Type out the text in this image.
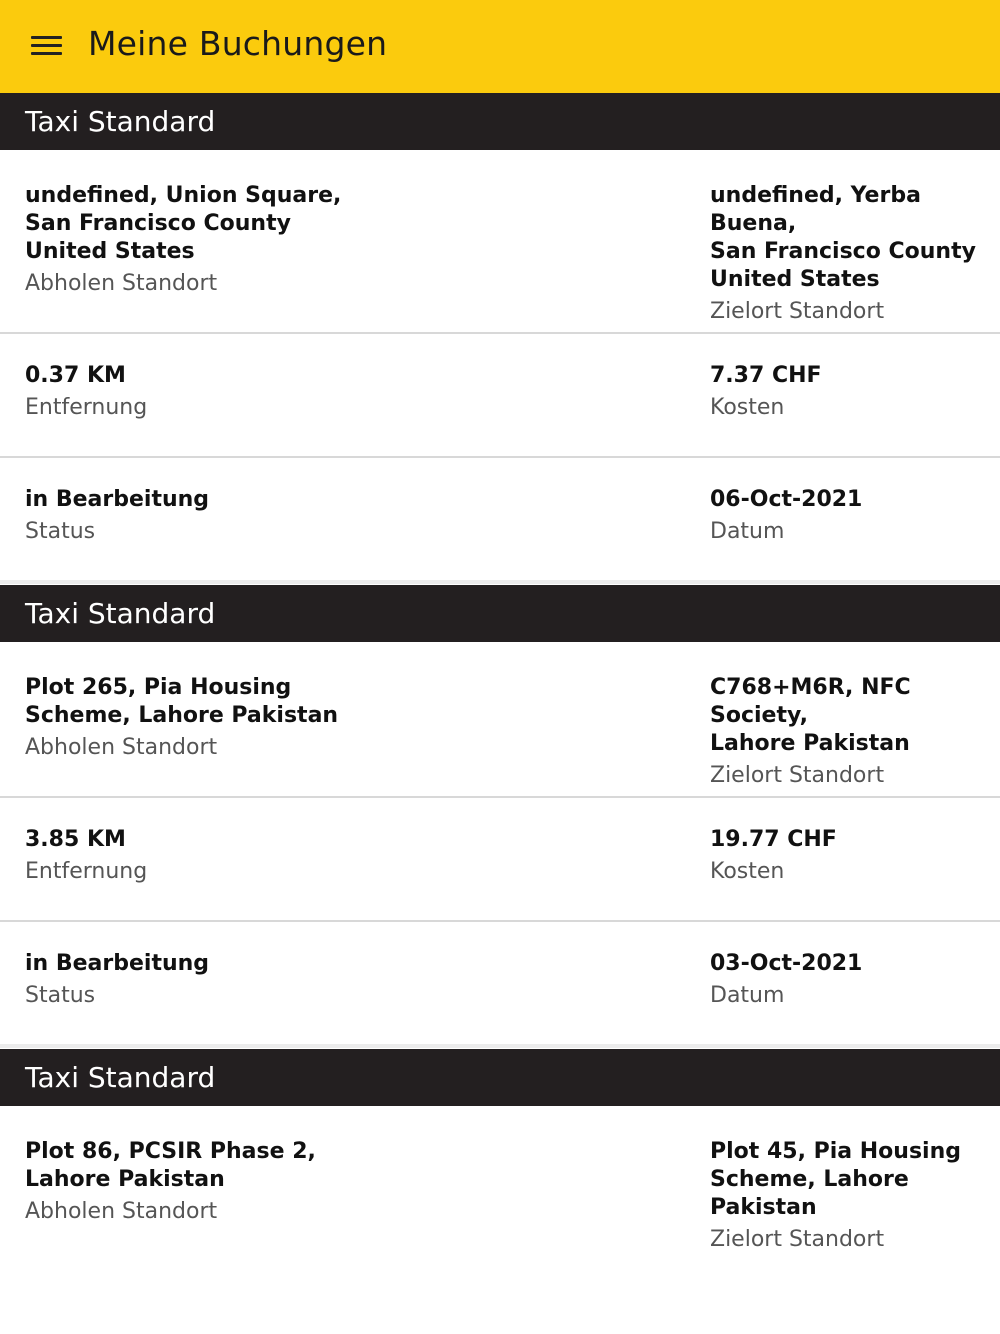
Meine Buchungen
Taxi Standard
undefined, Union Square,
San Francisco County
United States
Abholen Standort
undefined, Yerba Buena,
San Francisco County
United States
Zielort Standort
0.37 KM
Entfernung
7.37 CHF
Kosten
in Bearbeitung
Status
06-Oct-2021
Datum
Taxi Standard
Plot 265, Pia Housing
Scheme, Lahore Pakistan
Abholen Standort
C768+M6R, NFC Society,
Lahore Pakistan
Zielort Standort
3.85 KM
Entfernung
19.77 CHF
Kosten
in Bearbeitung
Status
03-Oct-2021
Datum
Taxi Standard
Plot 86, PCSIR Phase 2,
Lahore Pakistan
Abholen Standort
Plot 45, Pia Housing
Scheme, Lahore Pakistan
Zielort Standort
